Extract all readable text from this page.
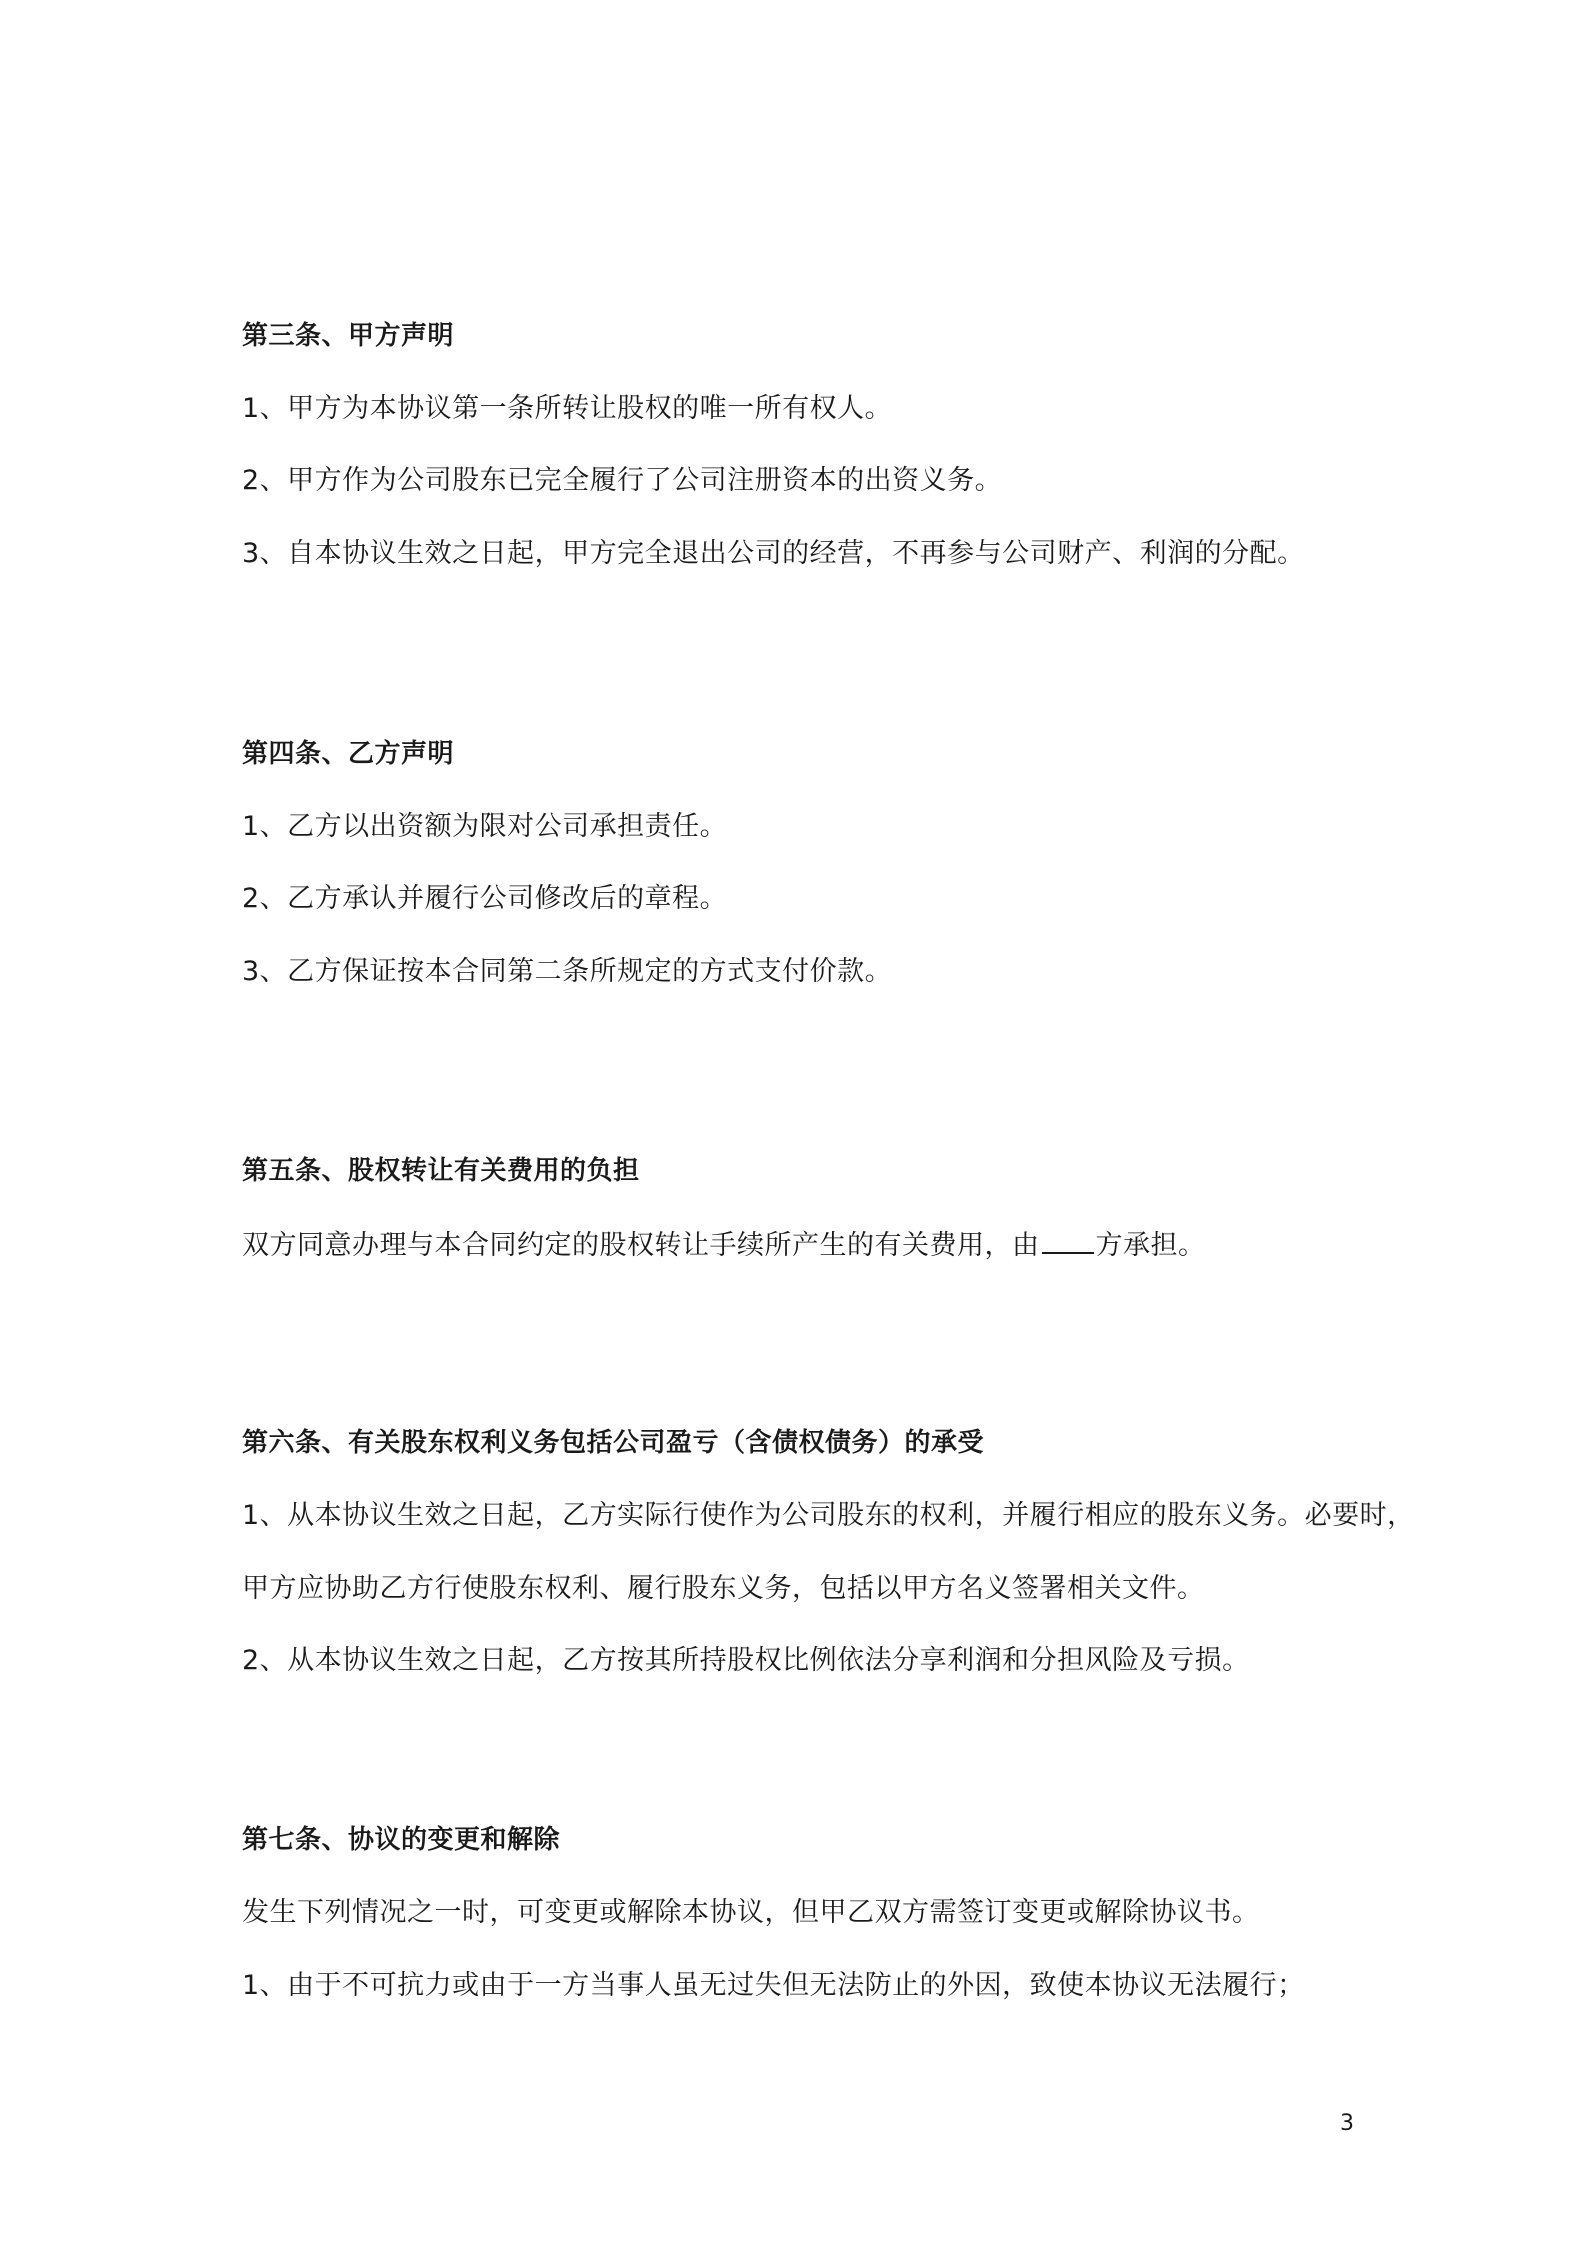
第三条、甲方声明
1、甲方为本协议第一条所转让股权的唯一所有权人。
2、甲方作为公司股东已完全履行了公司注册资本的出资义务。
3、自本协议生效之日起，甲方完全退出公司的经营，不再参与公司财产、利润的分配。
第四条、乙方声明
1、乙方以出资额为限对公司承担责任。
2、乙方承认并履行公司修改后的章程。
3、乙方保证按本合同第二条所规定的方式支付价款。
第五条、股权转让有关费用的负担
双方同意办理与本合同约定的股权转让手续所产生的有关费用，由 方承担。
第六条、有关股东权利义务包括公司盈亏（含债权债务）的承受
1、从本协议生效之日起，乙方实际行使作为公司股东的权利，并履行相应的股东义务。必要时，
甲方应协助乙方行使股东权利、履行股东义务，包括以甲方名义签署相关文件。
2、从本协议生效之日起，乙方按其所持股权比例依法分享利润和分担风险及亏损。
第七条、协议的变更和解除
发生下列情况之一时，可变更或解除本协议，但甲乙双方需签订变更或解除协议书。
1、由于不可抗力或由于一方当事人虽无过失但无法防止的外因，致使本协议无法履行；
3
